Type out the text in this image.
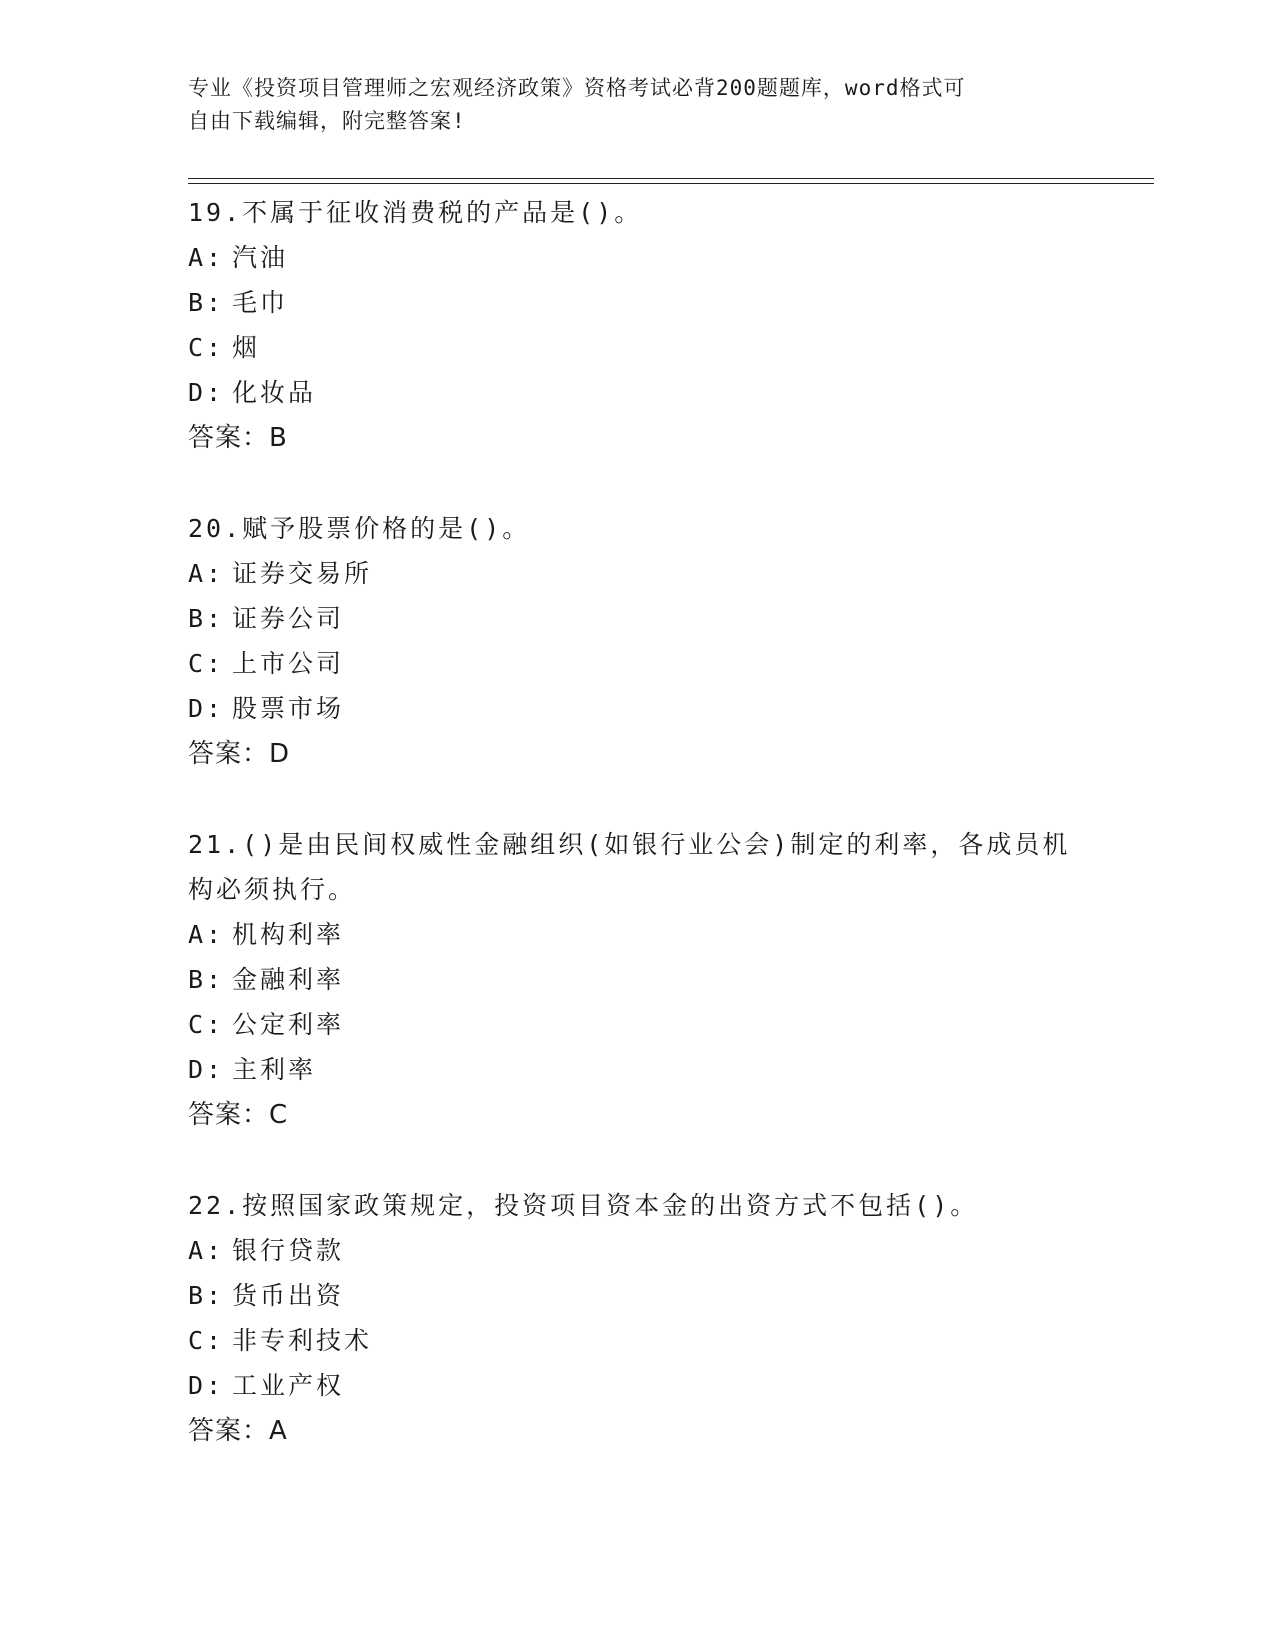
专业《投资项目管理师之宏观经济政策》资格考试必背200题题库，word格式可
自由下载编辑，附完整答案!
19.不属于征收消费税的产品是()。
A: 汽油
B: 毛巾
C: 烟
D: 化妆品
答案：B
20.赋予股票价格的是()。
A: 证券交易所
B: 证券公司
C: 上市公司
D: 股票市场
答案：D
21.()是由民间权威性金融组织(如银行业公会)制定的利率，各成员机
构必须执行。
A: 机构利率
B: 金融利率
C: 公定利率
D: 主利率
答案：C
22.按照国家政策规定，投资项目资本金的出资方式不包括()。
A: 银行贷款
B: 货币出资
C: 非专利技术
D: 工业产权
答案：A
